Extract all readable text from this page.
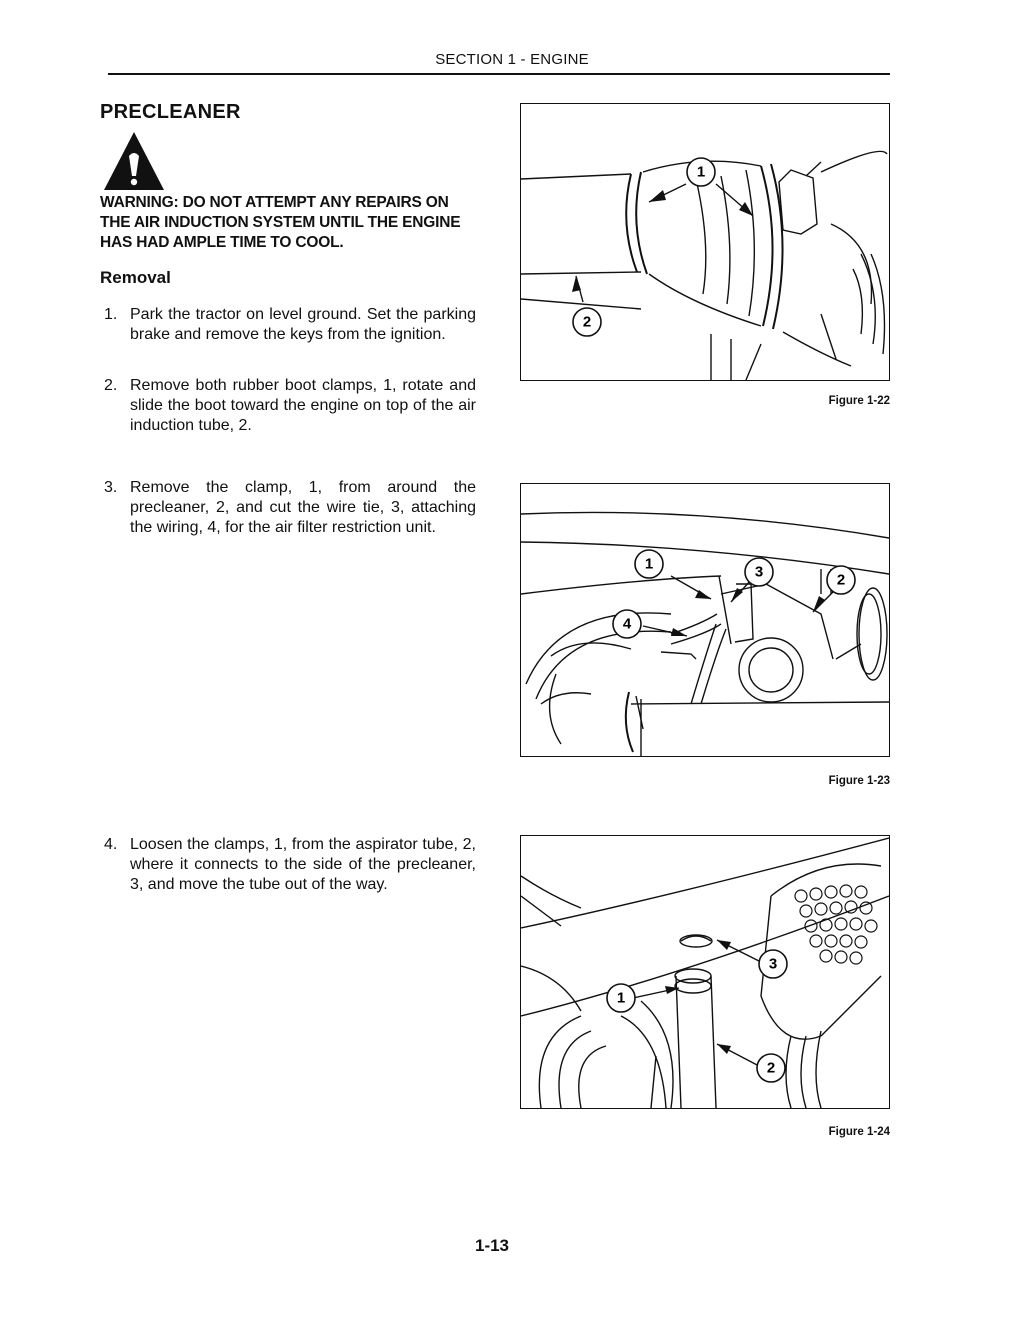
SECTION 1 - ENGINE
PRECLEANER
WARNING: DO NOT ATTEMPT ANY REPAIRS ON THE AIR INDUCTION SYSTEM UNTIL THE ENGINE HAS HAD AMPLE TIME TO COOL.
Removal
1. Park the tractor on level ground. Set the parking brake and remove the keys from the ignition.
2. Remove both rubber boot clamps, 1, rotate and slide the boot toward the engine on top of the air induction tube, 2.
3. Remove the clamp, 1, from around the precleaner, 2, and cut the wire tie, 3, attaching the wiring, 4, for the air filter restriction unit.
4. Loosen the clamps, 1, from the aspirator tube, 2, where it connects to the side of the precleaner, 3, and move the tube out of the way.
1
2
Figure 1-22
1	3	2
4
Figure 1-23
3
1
2
Figure 1-24
1-13
